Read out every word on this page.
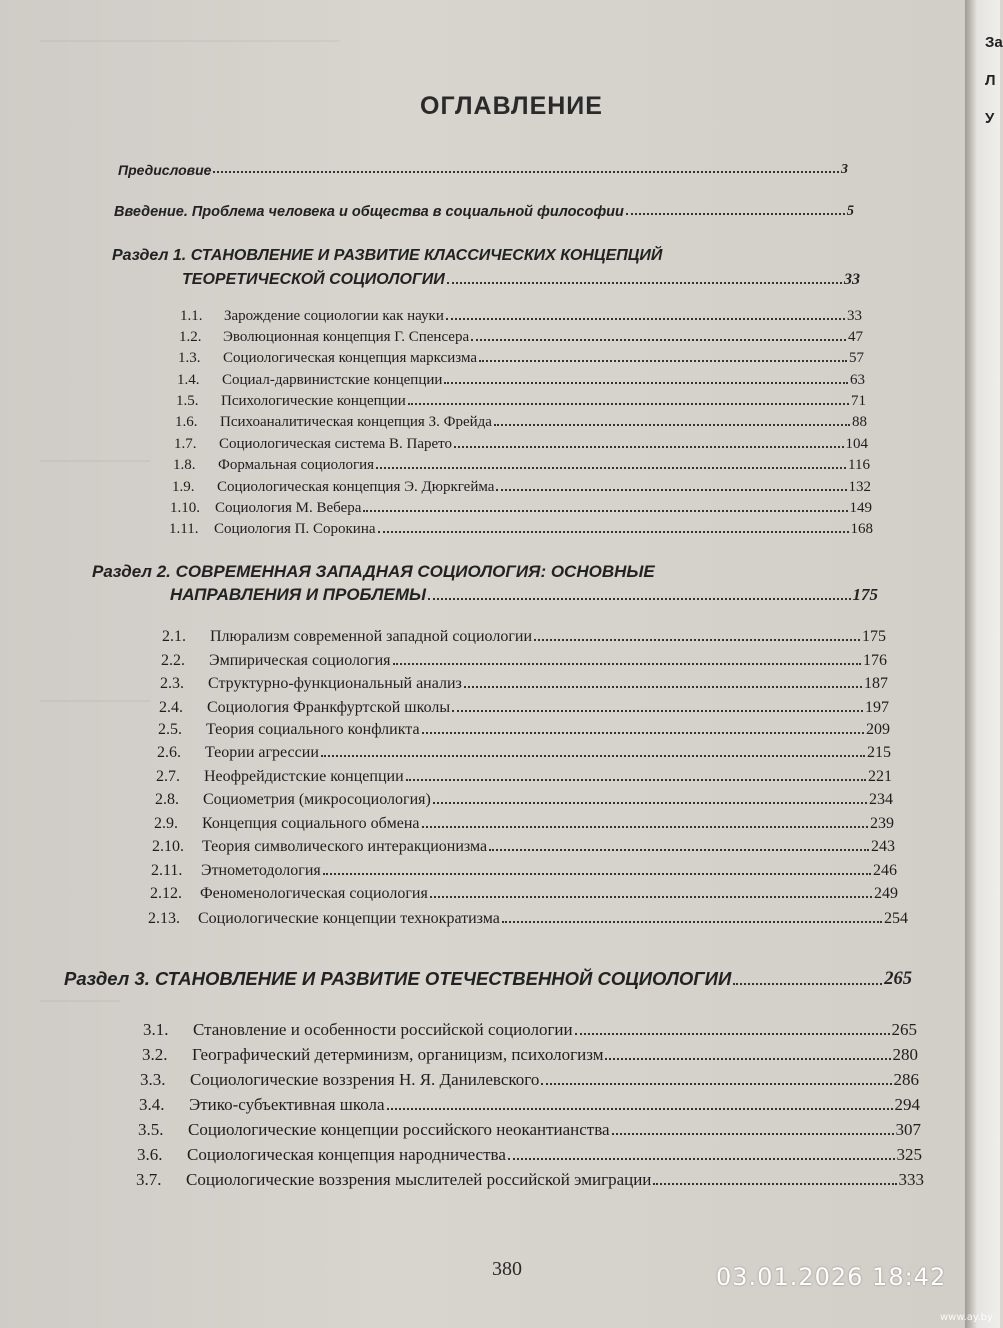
За
Л
У
ОГЛАВЛЕНИЕ
Предисловие	3
Введение. Проблема человека и общества в социальной философии	5
Раздел 1. СТАНОВЛЕНИЕ И РАЗВИТИЕ КЛАССИЧЕСКИХ КОНЦЕПЦИЙ
ТЕОРЕТИЧЕСКОЙ СОЦИОЛОГИИ	33
1.1.	Зарождение социологии как науки	33
1.2.	Эволюционная концепция Г. Спенсера	47
1.3.	Социологическая концепция марксизма	57
1.4.	Социал-дарвинистские концепции	63
1.5.	Психологические концепции	71
1.6.	Психоаналитическая концепция З. Фрейда	88
1.7.	Социологическая система В. Парето	104
1.8.	Формальная социология	116
1.9.	Социологическая концепция Э. Дюркгейма	132
1.10.	Социология М. Вебера	149
1.11.	Социология П. Сорокина	168
Раздел 2. СОВРЕМЕННАЯ ЗАПАДНАЯ СОЦИОЛОГИЯ: ОСНОВНЫЕ
НАПРАВЛЕНИЯ И ПРОБЛЕМЫ	175
2.1.	Плюрализм современной западной социологии	175
2.2.	Эмпирическая социология	176
2.3.	Структурно-функциональный анализ	187
2.4.	Социология Франкфуртской школы	197
2.5.	Теория социального конфликта	209
2.6.	Теории агрессии	215
2.7.	Неофрейдистские концепции	221
2.8.	Социометрия (микросоциология)	234
2.9.	Концепция социального обмена	239
2.10.	Теория символического интеракционизма	243
2.11.	Этнометодология	246
2.12.	Феноменологическая социология	249
2.13.	Социологические концепции технократизма	254
Раздел 3. СТАНОВЛЕНИЕ И РАЗВИТИЕ ОТЕЧЕСТВЕННОЙ СОЦИОЛОГИИ	265
3.1.	Становление и особенности российской социологии	265
3.2.	Географический детерминизм, органицизм, психологизм	280
3.3.	Социологические воззрения Н. Я. Данилевского	286
3.4.	Этико-субъективная школа	294
3.5.	Социологические концепции российского неокантианства	307
3.6.	Социологическая концепция народничества	325
3.7.	Социологические воззрения мыслителей российской эмиграции	333
380	03.01.2026 18:42
www.ay.by
